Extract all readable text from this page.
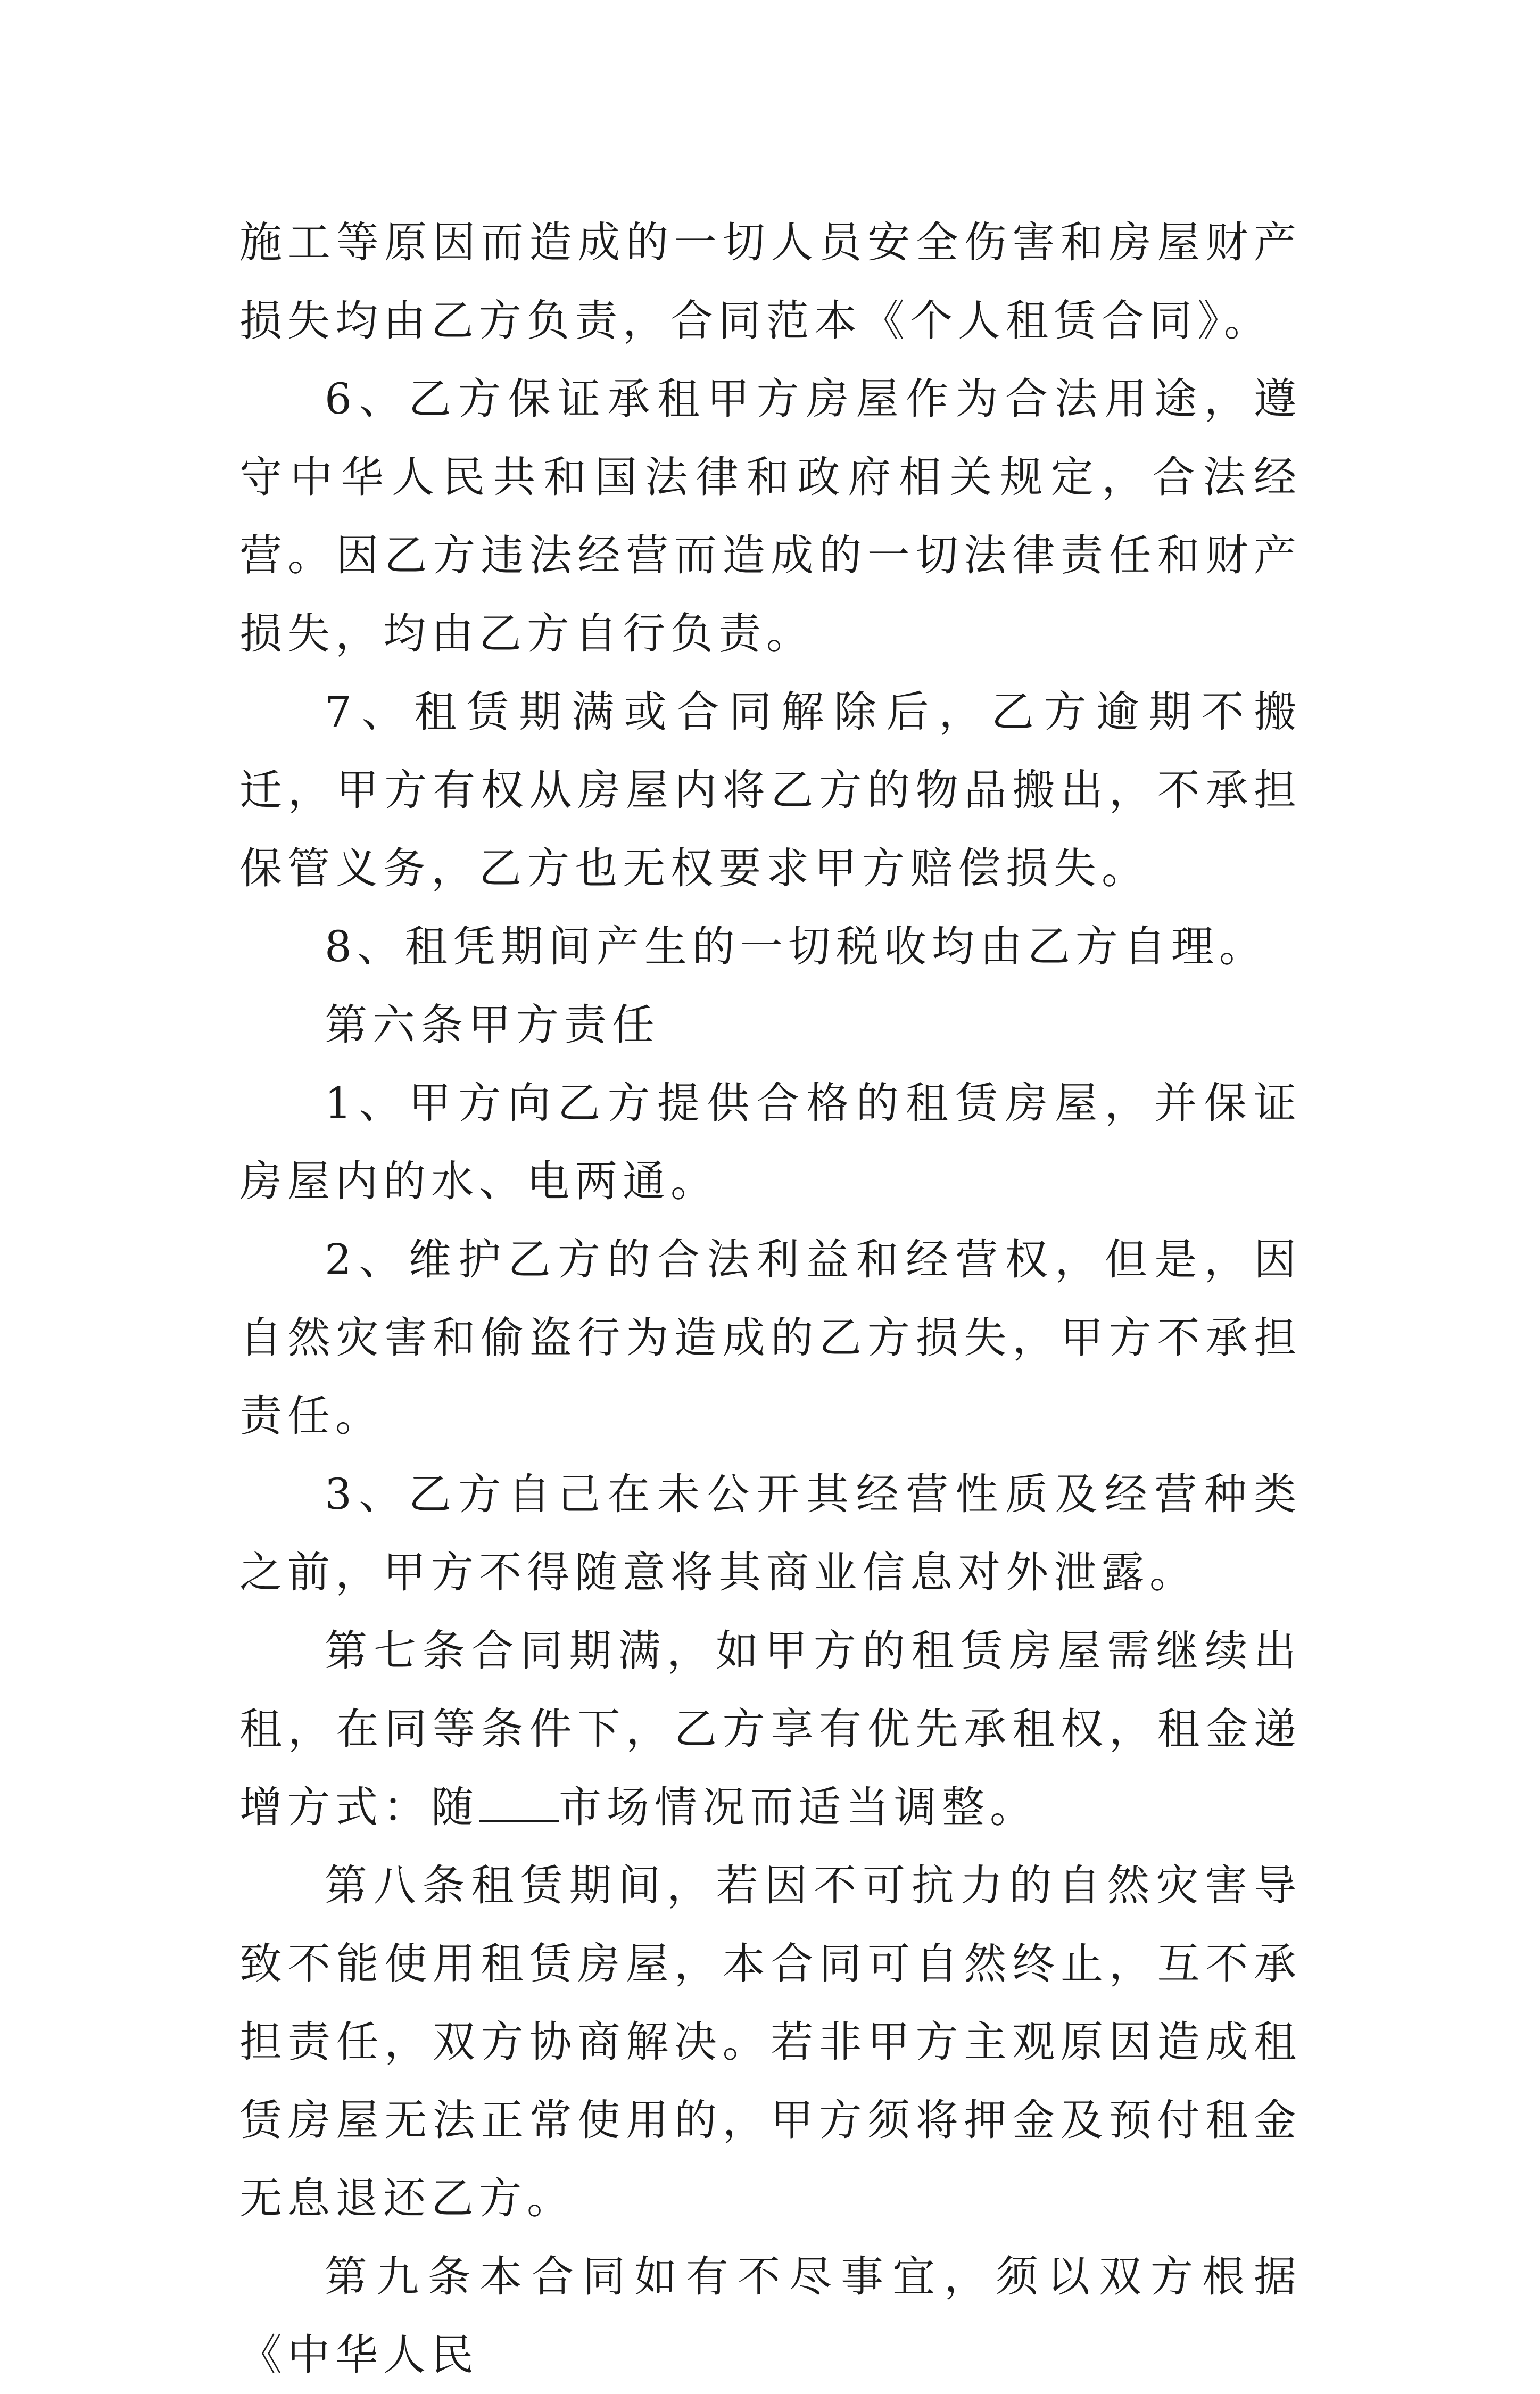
施工等原因而造成的一切人员安全伤害和房屋财产损失均由乙方负责，合同范本《个人租赁合同》。

6、乙方保证承租甲方房屋作为合法用途，遵守中华人民共和国法律和政府相关规定，合法经营。因乙方违法经营而造成的一切法律责任和财产损失，均由乙方自行负责。

7、租赁期满或合同解除后，乙方逾期不搬迁，甲方有权从房屋内将乙方的物品搬出，不承担保管义务，乙方也无权要求甲方赔偿损失。

8、租凭期间产生的一切税收均由乙方自理。

第六条甲方责任

1、甲方向乙方提供合格的租赁房屋，并保证房屋内的水、电两通。

2、维护乙方的合法利益和经营权，但是，因自然灾害和偷盗行为造成的乙方损失，甲方不承担责任。

3、乙方自己在未公开其经营性质及经营种类之前，甲方不得随意将其商业信息对外泄露。

第七条合同期满，如甲方的租赁房屋需继续出租，在同等条件下，乙方享有优先承租权，租金递增方式：随 市场情况而适当调整。

第八条租赁期间，若因不可抗力的自然灾害导致不能使用租赁房屋，本合同可自然终止，互不承担责任，双方协商解决。若非甲方主观原因造成租赁房屋无法正常使用的，甲方须将押金及预付租金无息退还乙方。

第九条本合同如有不尽事宜，须以双方根据《中华人民
